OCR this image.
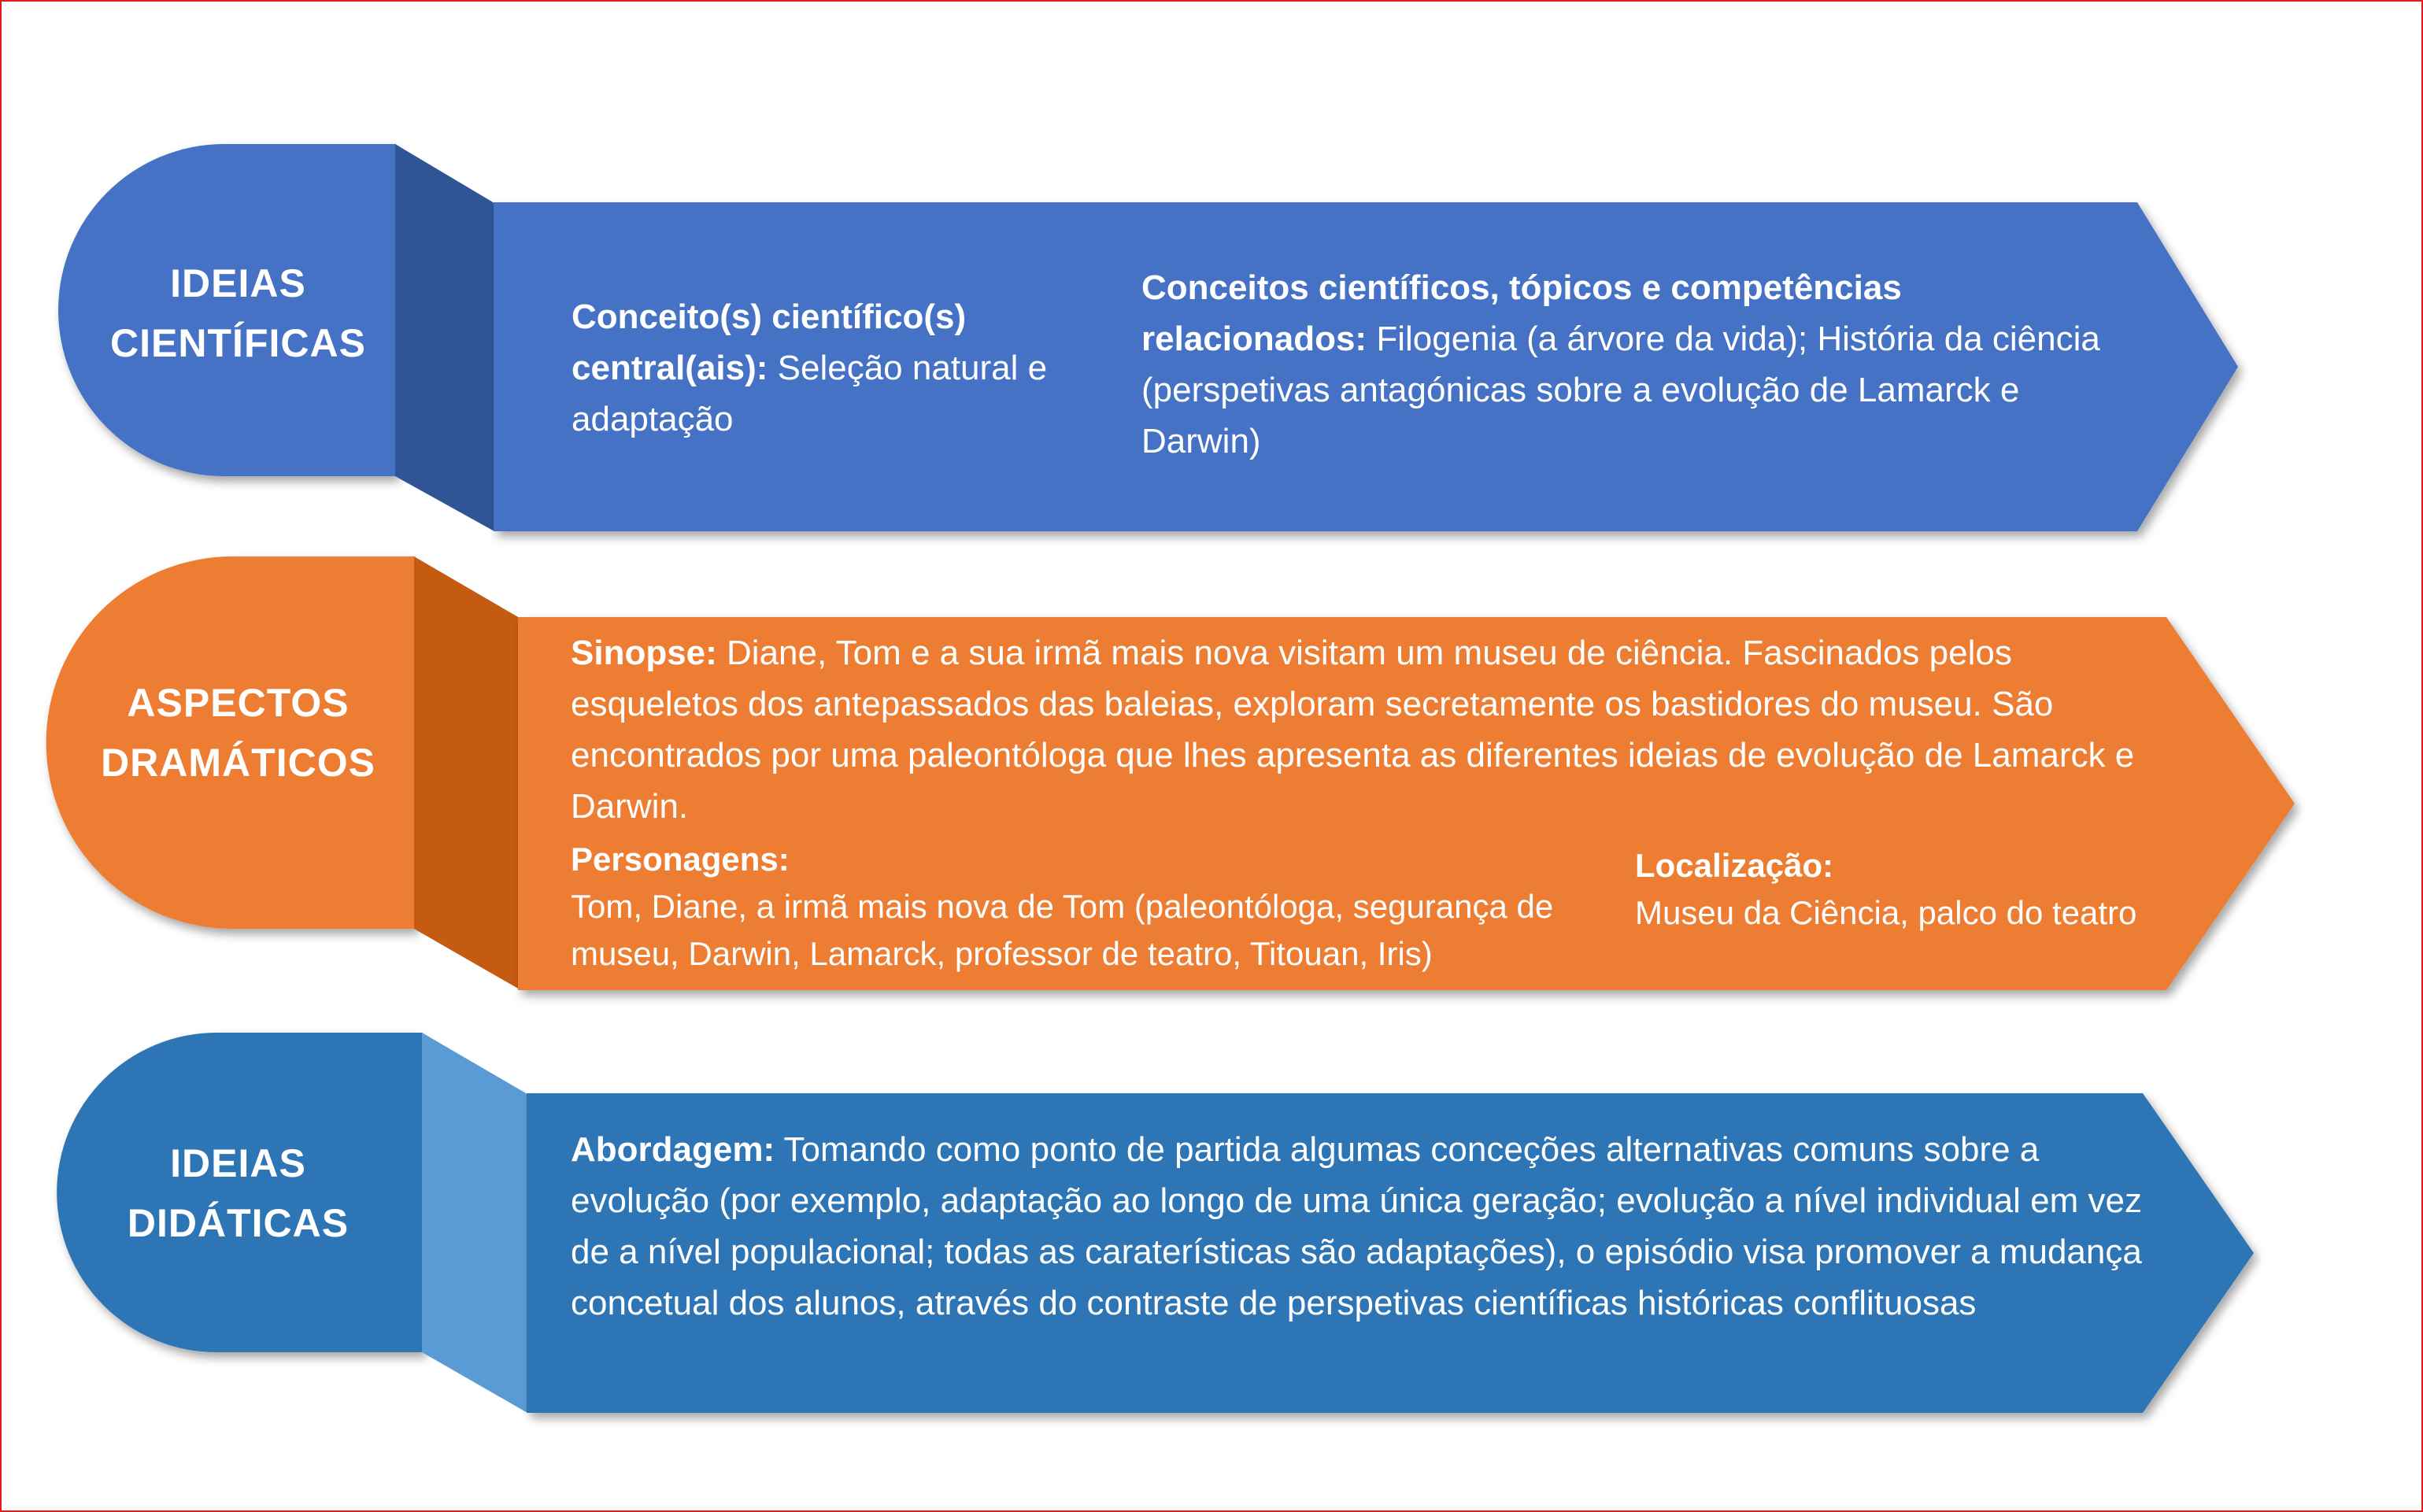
IDEIAS
CIENTÍFICAS
Conceito(s) científico(s) central(ais): Seleção natural e adaptação
Conceitos científicos, tópicos e competências relacionados: Filogenia (a árvore da vida); História da ciência (perspetivas antagónicas sobre a evolução de Lamarck e Darwin)
ASPECTOS
DRAMÁTICOS
Sinopse: Diane, Tom e a sua irmã mais nova visitam um museu de ciência. Fascinados pelos esqueletos dos antepassados das baleias, exploram secretamente os bastidores do museu. São encontrados por uma paleontóloga que lhes apresenta as diferentes ideias de evolução de Lamarck e Darwin.
Personagens:
Tom, Diane, a irmã mais nova de Tom (paleontóloga, segurança de museu, Darwin, Lamarck, professor de teatro, Titouan, Iris)
Localização:
Museu da Ciência, palco do teatro
IDEIAS
DIDÁTICAS
Abordagem: Tomando como ponto de partida algumas conceções alternativas comuns sobre a evolução (por exemplo, adaptação ao longo de uma única geração; evolução a nível individual em vez de a nível populacional; todas as caraterísticas são adaptações), o episódio visa promover a mudança concetual dos alunos, através do contraste de perspetivas científicas históricas conflituosas
